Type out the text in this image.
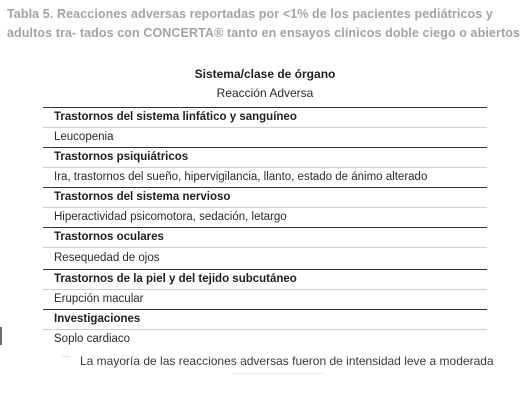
Tabla 5. Reacciones adversas reportadas por <1% de los pacientes pediátricos y adultos tra- tados con CONCERTA® tanto en ensayos clínicos doble ciego o abiertos
Sistema/clase de órgano
Reacción Adversa
Trastornos del sistema linfático y sanguíneo
Leucopenia
Trastornos psiquiátricos
Ira, trastornos del sueño, hipervigilancia, llanto, estado de ánimo alterado
Trastornos del sistema nervioso
Hiperactividad psicomotora, sedación, letargo
Trastornos oculares
Resequedad de ojos
Trastornos de la piel y del tejido subcutáneo
Erupción macular
Investigaciones
Soplo cardiaco
La mayoría de las reacciones adversas fueron de intensidad leve a moderada
